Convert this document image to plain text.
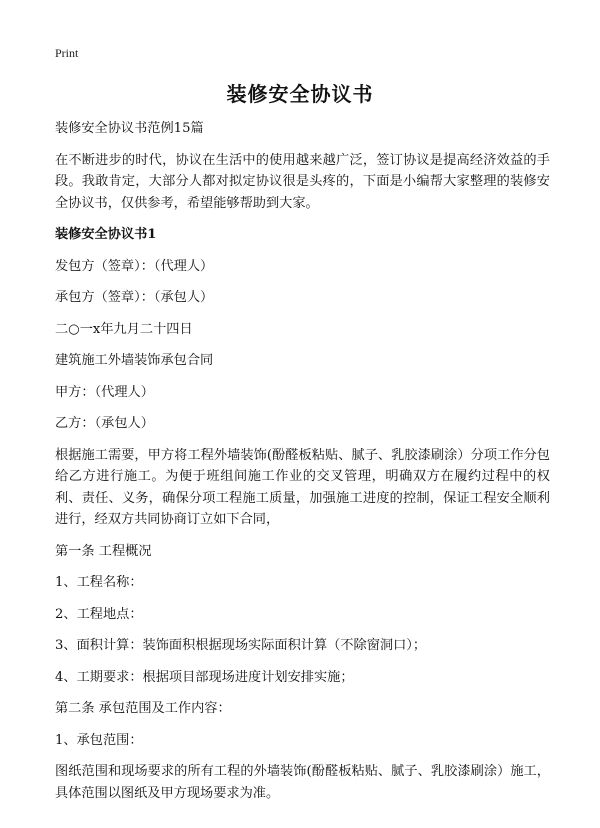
Print
装修安全协议书

装修安全协议书范例15篇

在不断进步的时代，协议在生活中的使用越来越广泛，签订协议是提高经济效益的手段。我敢肯定，大部分人都对拟定协议很是头疼的，下面是小编帮大家整理的装修安全协议书，仅供参考，希望能够帮助到大家。

装修安全协议书1

发包方（签章）：（代理人）

承包方（签章）：（承包人）

二○一x年九月二十四日

建筑施工外墙装饰承包合同

甲方：（代理人）

乙方：（承包人）

根据施工需要，甲方将工程外墙装饰(酚醛板粘贴、腻子、乳胶漆刷涂）分项工作分包给乙方进行施工。为便于班组间施工作业的交叉管理，明确双方在履约过程中的权利、责任、义务，确保分项工程施工质量，加强施工进度的控制，保证工程安全顺利进行，经双方共同协商订立如下合同，

第一条 工程概况

1、工程名称：

2、工程地点：

3、面积计算：装饰面积根据现场实际面积计算（不除窗洞口）；

4、工期要求：根据项目部现场进度计划安排实施；

第二条 承包范围及工作内容：

1、承包范围：

图纸范围和现场要求的所有工程的外墙装饰(酚醛板粘贴、腻子、乳胶漆刷涂）施工，具体范围以图纸及甲方现场要求为准。
